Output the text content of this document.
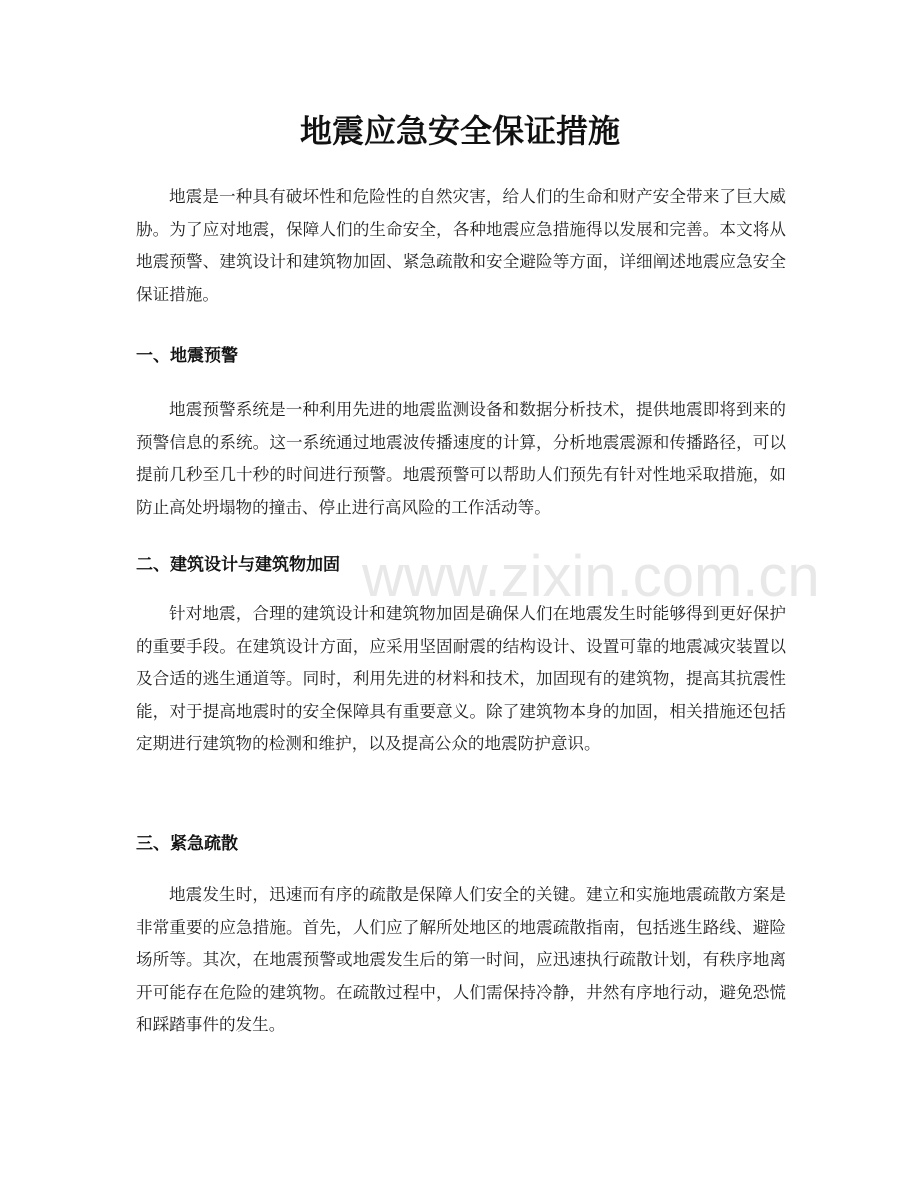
地震应急安全保证措施

地震是一种具有破坏性和危险性的自然灾害，给人们的生命和财产安全带来了巨大威胁。为了应对地震，保障人们的生命安全，各种地震应急措施得以发展和完善。本文将从地震预警、建筑设计和建筑物加固、紧急疏散和安全避险等方面，详细阐述地震应急安全保证措施。

一、地震预警

地震预警系统是一种利用先进的地震监测设备和数据分析技术，提供地震即将到来的预警信息的系统。这一系统通过地震波传播速度的计算，分析地震震源和传播路径，可以提前几秒至几十秒的时间进行预警。地震预警可以帮助人们预先有针对性地采取措施，如防止高处坍塌物的撞击、停止进行高风险的工作活动等。

二、建筑设计与建筑物加固

针对地震，合理的建筑设计和建筑物加固是确保人们在地震发生时能够得到更好保护的重要手段。在建筑设计方面，应采用坚固耐震的结构设计、设置可靠的地震减灾装置以及合适的逃生通道等。同时，利用先进的材料和技术，加固现有的建筑物，提高其抗震性能，对于提高地震时的安全保障具有重要意义。除了建筑物本身的加固，相关措施还包括定期进行建筑物的检测和维护，以及提高公众的地震防护意识。

三、紧急疏散

地震发生时，迅速而有序的疏散是保障人们安全的关键。建立和实施地震疏散方案是非常重要的应急措施。首先，人们应了解所处地区的地震疏散指南，包括逃生路线、避险场所等。其次，在地震预警或地震发生后的第一时间，应迅速执行疏散计划，有秩序地离开可能存在危险的建筑物。在疏散过程中，人们需保持冷静，井然有序地行动，避免恐慌和踩踏事件的发生。

www.zixin.com.cn
